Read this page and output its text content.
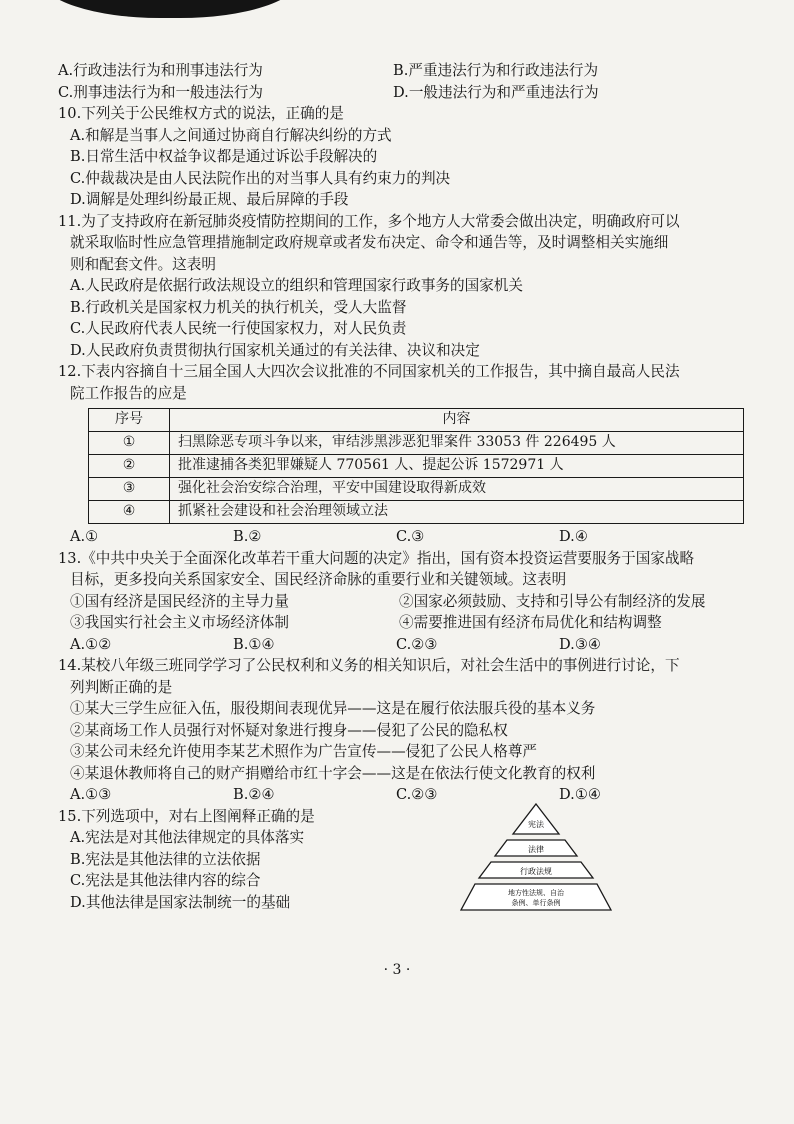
A.行政违法行为和刑事违法行为	B.严重违法行为和行政违法行为
C.刑事违法行为和一般违法行为	D.一般违法行为和严重违法行为
10.下列关于公民维权方式的说法，正确的是
A.和解是当事人之间通过协商自行解决纠纷的方式
B.日常生活中权益争议都是通过诉讼手段解决的
C.仲裁裁决是由人民法院作出的对当事人具有约束力的判决
D.调解是处理纠纷最正规、最后屏障的手段
11.为了支持政府在新冠肺炎疫情防控期间的工作，多个地方人大常委会做出决定，明确政府可以
就采取临时性应急管理措施制定政府规章或者发布决定、命令和通告等，及时调整相关实施细
则和配套文件。这表明
A.人民政府是依据行政法规设立的组织和管理国家行政事务的国家机关
B.行政机关是国家权力机关的执行机关，受人大监督
C.人民政府代表人民统一行使国家权力，对人民负责
D.人民政府负责贯彻执行国家机关通过的有关法律、决议和决定
12.下表内容摘自十三届全国人大四次会议批准的不同国家机关的工作报告，其中摘自最高人民法
院工作报告的应是
序号	内容
①	扫黑除恶专项斗争以来，审结涉黑涉恶犯罪案件 33053 件 226495 人
②	批准逮捕各类犯罪嫌疑人 770561 人、提起公诉 1572971 人
③	强化社会治安综合治理，平安中国建设取得新成效
④	抓紧社会建设和社会治理领域立法
A.①	B.②	C.③	D.④
13.《中共中央关于全面深化改革若干重大问题的决定》指出，国有资本投资运营要服务于国家战略
目标，更多投向关系国家安全、国民经济命脉的重要行业和关键领域。这表明
①国有经济是国民经济的主导力量	②国家必须鼓励、支持和引导公有制经济的发展
③我国实行社会主义市场经济体制	④需要推进国有经济布局优化和结构调整
A.①②	B.①④	C.②③	D.③④
14.某校八年级三班同学学习了公民权利和义务的相关知识后，对社会生活中的事例进行讨论，下
列判断正确的是
①某大三学生应征入伍，服役期间表现优异——这是在履行依法服兵役的基本义务
②某商场工作人员强行对怀疑对象进行搜身——侵犯了公民的隐私权
③某公司未经允许使用李某艺术照作为广告宣传——侵犯了公民人格尊严
④某退休教师将自己的财产捐赠给市红十字会——这是在依法行使文化教育的权利
A.①③	B.②④	C.②③	D.①④
15.下列选项中，对右上图阐释正确的是
A.宪法是对其他法律规定的具体落实
B.宪法是其他法律的立法依据
C.宪法是其他法律内容的综合
D.其他法律是国家法制统一的基础
宪法
法律
行政法规
地方性法规、自治
条例、单行条例
· 3 ·
